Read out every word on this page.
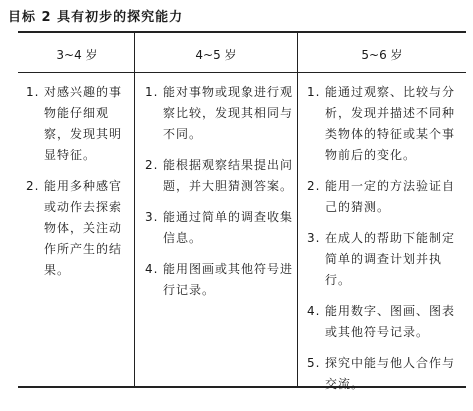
目标 2 具有初步的探究能力
3~4 岁	4~5 岁	5~6 岁
1. 对感兴趣的事物能仔细观察，发现其明显特征。
2. 能用多种感官或动作去探索物体，关注动作所产生的结果。
1. 能对事物或现象进行观察比较，发现其相同与不同。
2. 能根据观察结果提出问题，并大胆猜测答案。
3. 能通过简单的调查收集信息。
4. 能用图画或其他符号进行记录。
1. 能通过观察、比较与分析，发现并描述不同种类物体的特征或某个事物前后的变化。
2. 能用一定的方法验证自己的猜测。
3. 在成人的帮助下能制定简单的调查计划并执行。
4. 能用数字、图画、图表或其他符号记录。
5. 探究中能与他人合作与交流。
